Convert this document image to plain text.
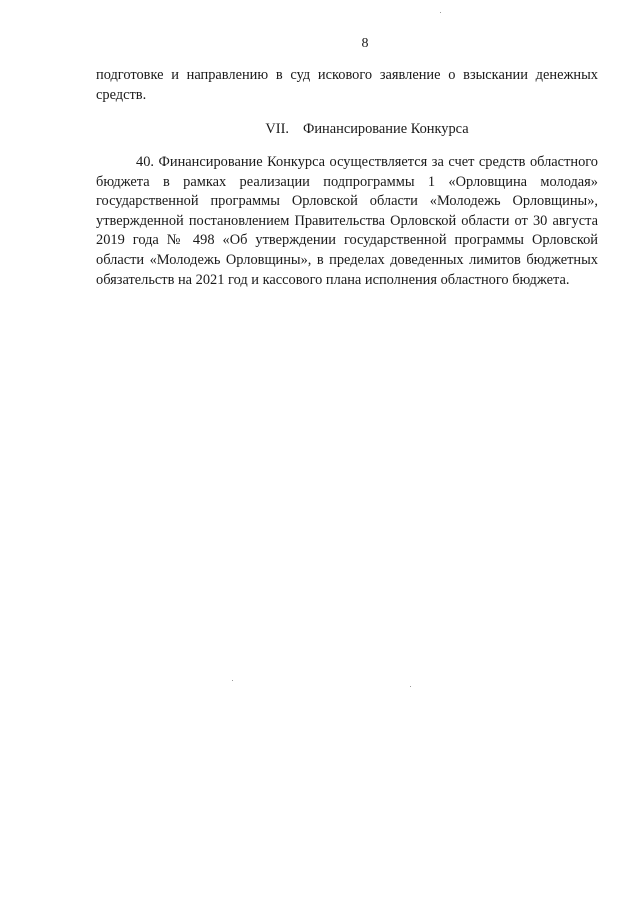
8

подготовке и направлению в суд искового заявление о взыскании денежных средств.

VII. Финансирование Конкурса

40. Финансирование Конкурса осуществляется за счет средств областного бюджета в рамках реализации подпрограммы 1 «Орловщина молодая» государственной программы Орловской области «Молодежь Орловщины», утвержденной постановлением Правительства Орловской области от 30 августа 2019 года № 498 «Об утверждении государственной программы Орловской области «Молодежь Орловщины», в пределах доведенных лимитов бюджетных обязательств на 2021 год и кассового плана исполнения областного бюджета.
